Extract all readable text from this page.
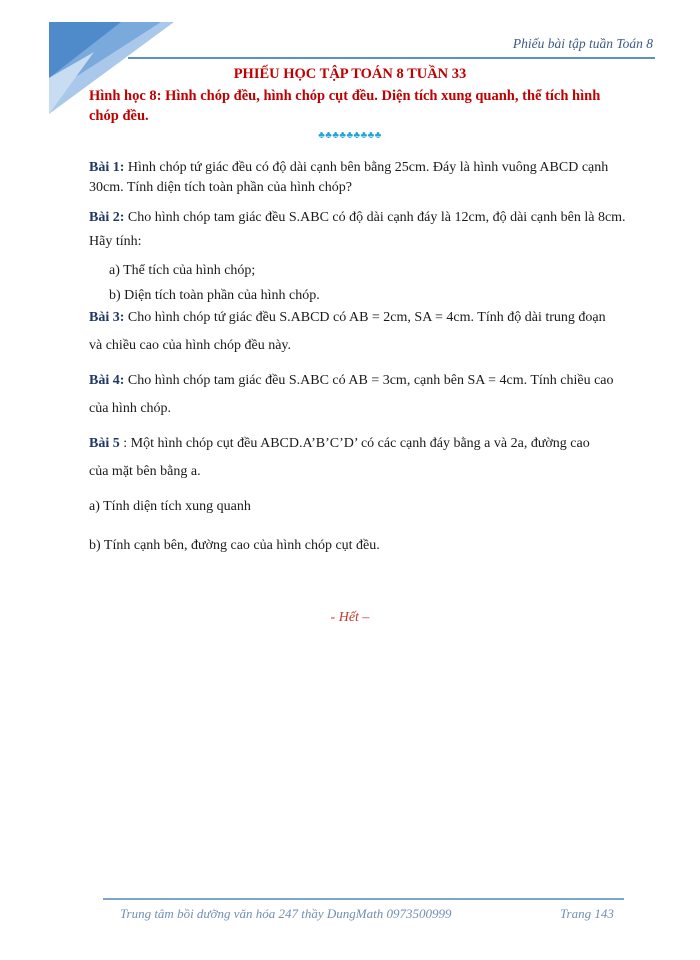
Phiếu bài tập tuần Toán 8
PHIẾU HỌC TẬP TOÁN 8 TUẦN 33
Hình học 8: Hình chóp đều, hình chóp cụt đều. Diện tích xung quanh, thể tích hình chóp đều.
♣♣♣♣♣♣♣♣♣
Bài 1: Hình chóp tứ giác đều có độ dài cạnh bên bằng 25cm. Đáy là hình vuông ABCD cạnh 30cm. Tính diện tích toàn phần của hình chóp?
Bài 2: Cho hình chóp tam giác đều S.ABC có độ dài cạnh đáy là 12cm, độ dài cạnh bên là 8cm. Hãy tính:
a) Thể tích của hình chóp;
b) Diện tích toàn phần của hình chóp.
Bài 3: Cho hình chóp tứ giác đều S.ABCD có AB = 2cm, SA = 4cm. Tính độ dài trung đoạn
và chiều cao của hình chóp đều này.
Bài 4: Cho hình chóp tam giác đều S.ABC có AB = 3cm, cạnh bên SA = 4cm. Tính chiều cao
của hình chóp.
Bài 5 : Một hình chóp cụt đều ABCD.A’B’C’D’ có các cạnh đáy bằng a và 2a, đường cao
của mặt bên bằng a.
a) Tính diện tích xung quanh
b) Tính cạnh bên, đường cao của hình chóp cụt đều.
- Hết –
Trung tâm bồi dưỡng văn hóa 247 thầy DungMath 0973500999	Trang 143
